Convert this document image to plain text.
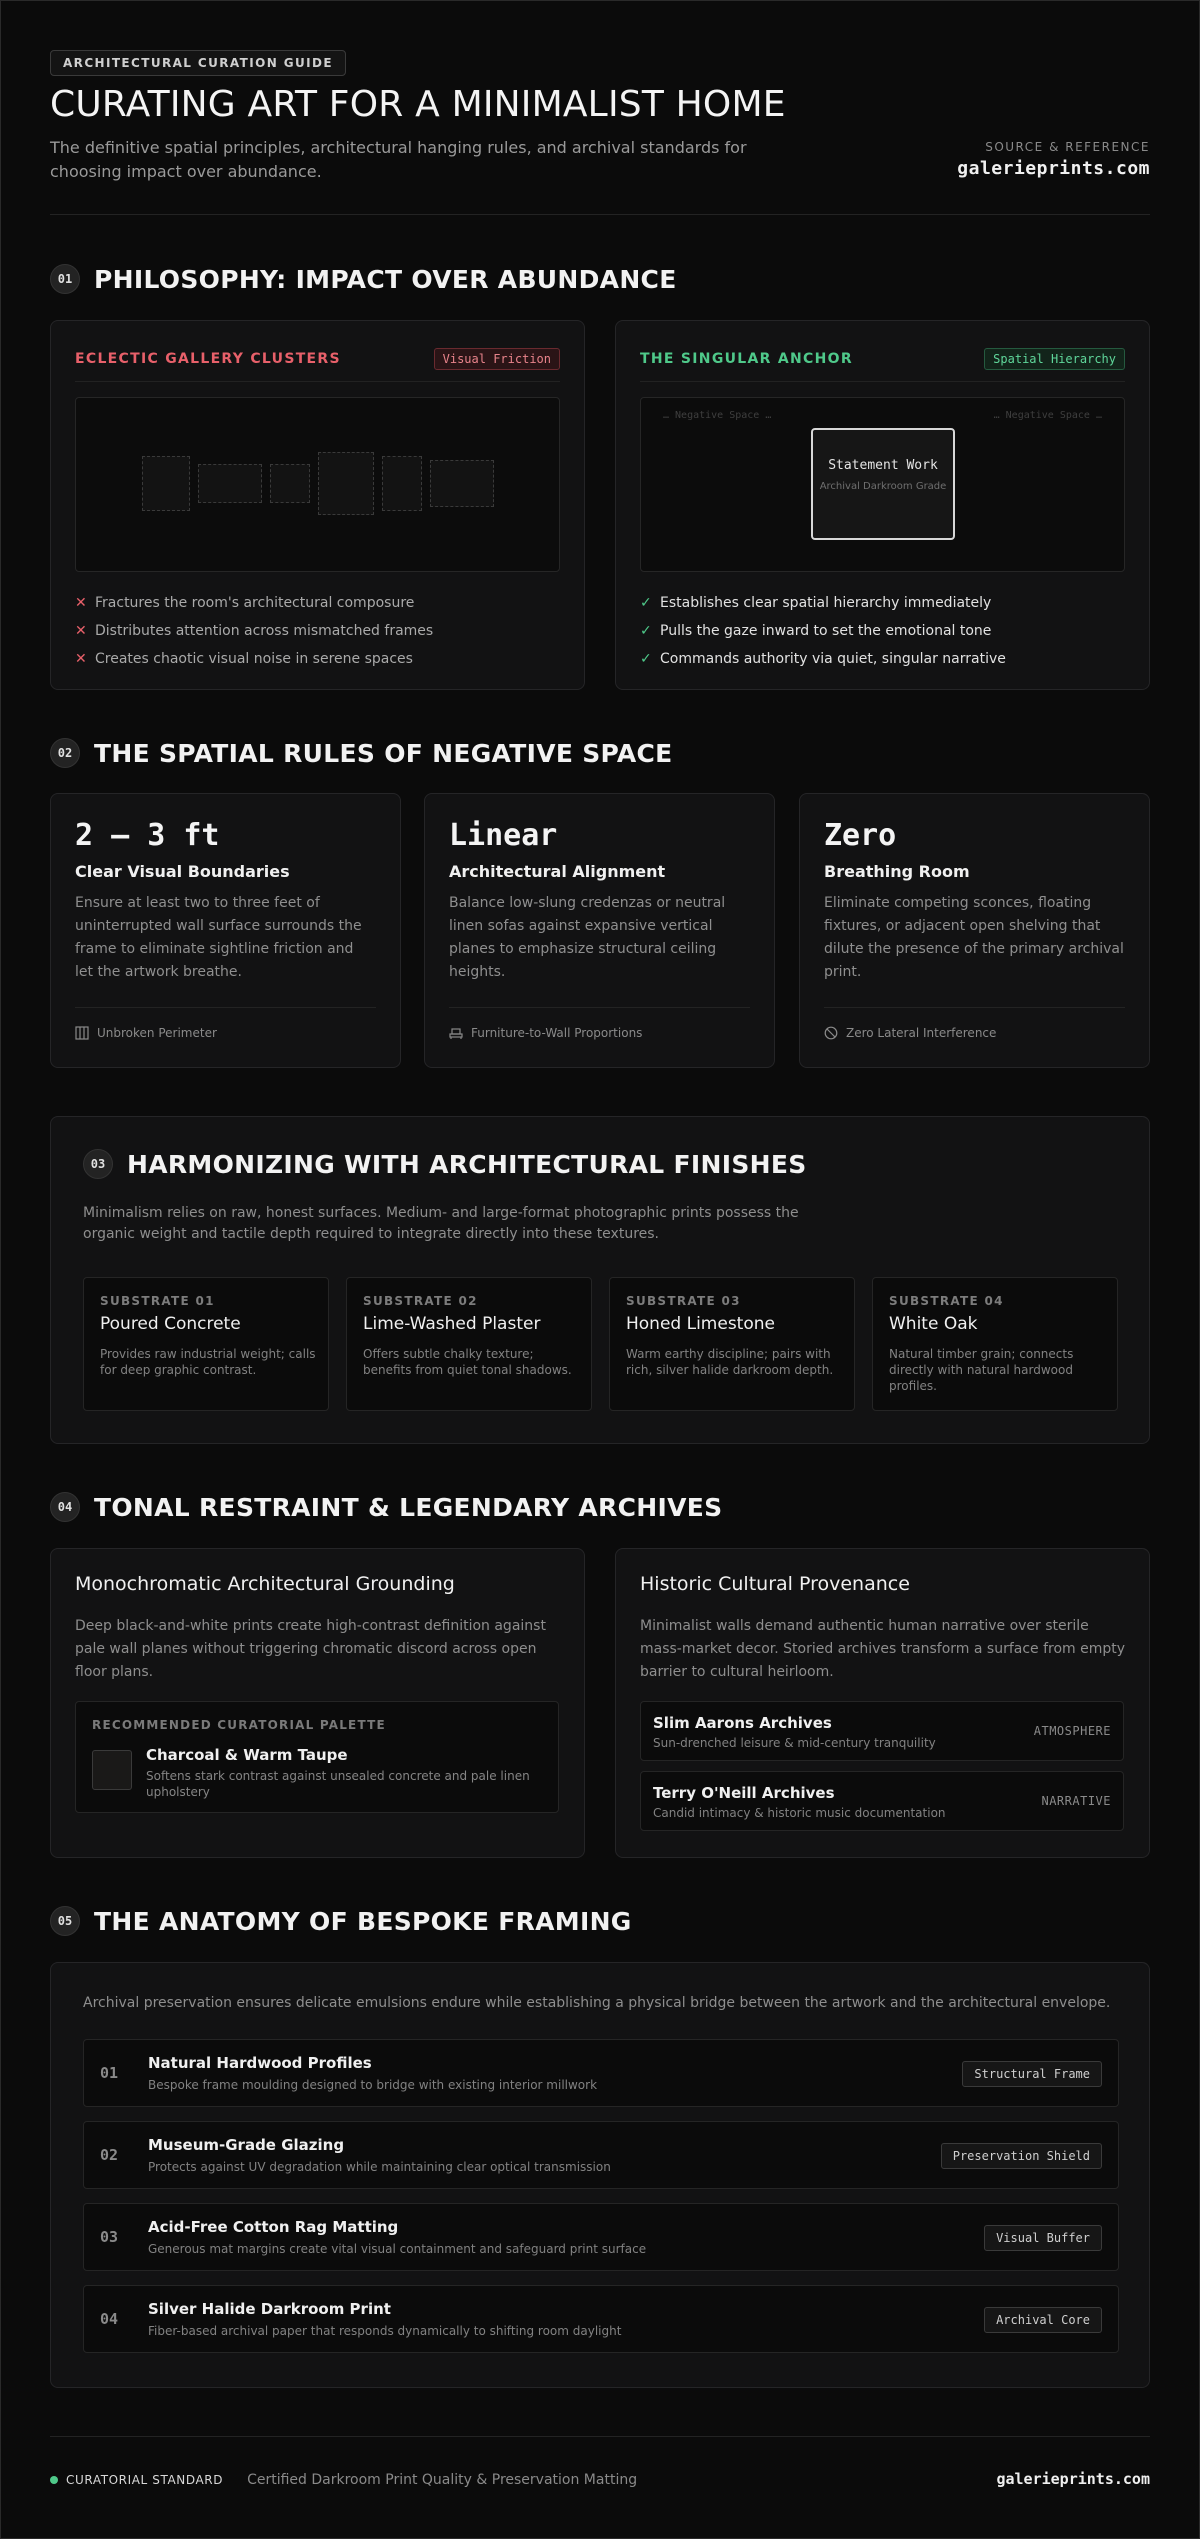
ARCHITECTURAL CURATION GUIDE
CURATING ART FOR A MINIMALIST HOME

The definitive spatial principles, architectural hanging rules, and archival standards for choosing impact over abundance.

SOURCE & REFERENCE
galerieprints.com
01 PHILOSOPHY: IMPACT OVER ABUNDANCE
ECLECTIC GALLERY CLUSTERS	Visual Friction
✕ Fractures the room's architectural composure
✕ Distributes attention across mismatched frames
✕ Creates chaotic visual noise in serene spaces
THE SINGULAR ANCHOR	Spatial Hierarchy
… Negative Space …	… Negative Space …
Statement Work
Archival Darkroom Grade
✓ Establishes clear spatial hierarchy immediately
✓ Pulls the gaze inward to set the emotional tone
✓ Commands authority via quiet, singular narrative
02 THE SPATIAL RULES OF NEGATIVE SPACE
2 – 3 ft
Clear Visual Boundaries
Ensure at least two to three feet of uninterrupted wall surface surrounds the frame to eliminate sightline friction and let the artwork breathe.
Unbroken Perimeter
Linear
Architectural Alignment
Balance low-slung credenzas or neutral linen sofas against expansive vertical planes to emphasize structural ceiling heights.
Furniture-to-Wall Proportions
Zero
Breathing Room
Eliminate competing sconces, floating fixtures, or adjacent open shelving that dilute the presence of the primary archival print.
Zero Lateral Interference
03 HARMONIZING WITH ARCHITECTURAL FINISHES

Minimalism relies on raw, honest surfaces. Medium- and large-format photographic prints possess the organic weight and tactile depth required to integrate directly into these textures.

SUBSTRATE 01
Poured Concrete
Provides raw industrial weight; calls for deep graphic contrast.
SUBSTRATE 02
Lime-Washed Plaster
Offers subtle chalky texture; benefits from quiet tonal shadows.
SUBSTRATE 03
Honed Limestone
Warm earthy discipline; pairs with rich, silver halide darkroom depth.
SUBSTRATE 04
White Oak
Natural timber grain; connects directly with natural hardwood profiles.
04 TONAL RESTRAINT & LEGENDARY ARCHIVES
Monochromatic Architectural Grounding

Deep black-and-white prints create high-contrast definition against pale wall planes without triggering chromatic discord across open floor plans.

RECOMMENDED CURATORIAL PALETTE
Charcoal & Warm Taupe
Softens stark contrast against unsealed concrete and pale linen upholstery
Historic Cultural Provenance

Minimalist walls demand authentic human narrative over sterile mass-market decor. Storied archives transform a surface from empty barrier to cultural heirloom.

Slim Aarons Archives
Sun-drenched leisure & mid-century tranquility
ATMOSPHERE
Terry O'Neill Archives
Candid intimacy & historic music documentation
NARRATIVE
05 THE ANATOMY OF BESPOKE FRAMING

Archival preservation ensures delicate emulsions endure while establishing a physical bridge between the artwork and the architectural envelope.

01
Natural Hardwood Profiles
Bespoke frame moulding designed to bridge with existing interior millwork
Structural Frame
02
Museum-Grade Glazing
Protects against UV degradation while maintaining clear optical transmission
Preservation Shield
03
Acid-Free Cotton Rag Matting
Generous mat margins create vital visual containment and safeguard print surface
Visual Buffer
04
Silver Halide Darkroom Print
Fiber-based archival paper that responds dynamically to shifting room daylight
Archival Core
CURATORIAL STANDARD Certified Darkroom Print Quality & Preservation Matting	galerieprints.com
